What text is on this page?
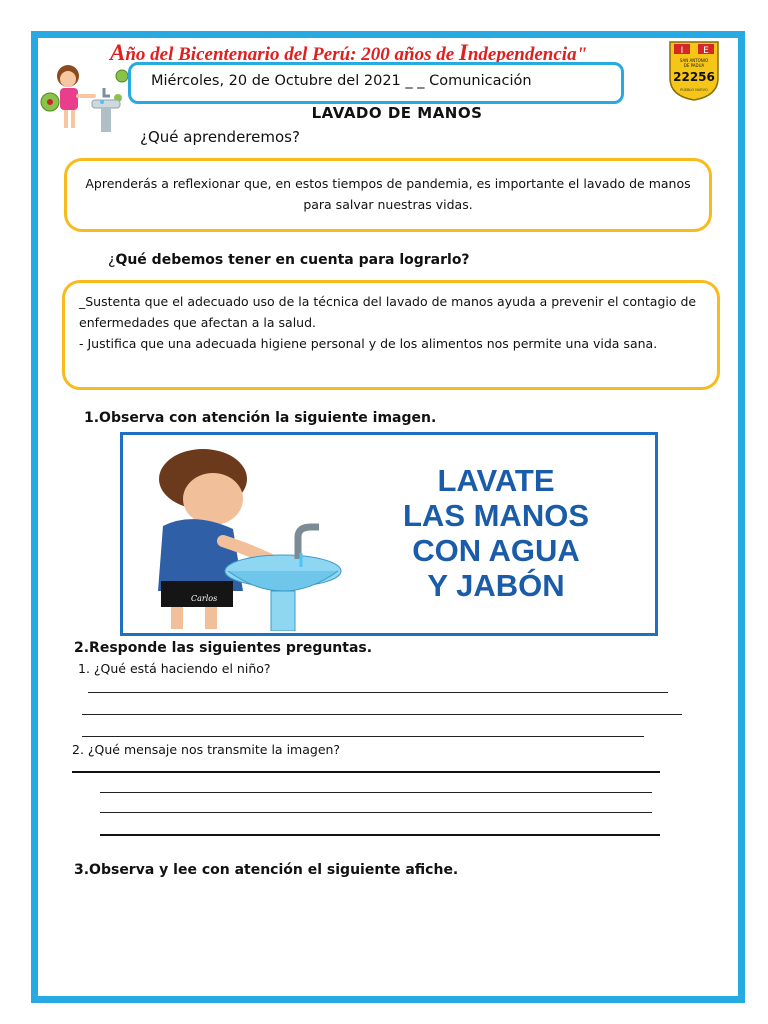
Año del Bicentenario del Perú: 200 años de Independencia"	I E
SAN ANTONIO
DE PADUA
22256
PUEBLO NUEVO
Miércoles, 20 de Octubre del 2021 _ _ Comunicación
LAVADO DE MANOS
¿Qué aprenderemos?

Aprenderás a reflexionar que, en estos tiempos de pandemia, es importante el lavado de manos para salvar nuestras vidas.

¿Qué debemos tener en cuenta para lograrlo?

_Sustenta que el adecuado uso de la técnica del lavado de manos ayuda a prevenir el contagio de enfermedades que afectan a la salud.

- Justifica que una adecuada higiene personal y de los alimentos nos permite una vida sana.

1.Observa con atención la siguiente imagen.
Carlos
LAVATE
LAS MANOS
CON AGUA
Y JABÓN
2.Responde las siguientes preguntas.
1. ¿Qué está haciendo el niño?
2. ¿Qué mensaje nos transmite la imagen?
3.Observa y lee con atención el siguiente afiche.
